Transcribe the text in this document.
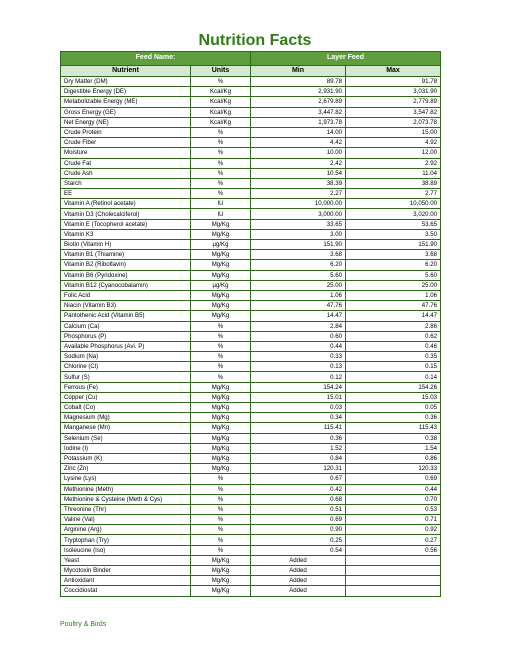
Nutrition Facts
Feed Name:		Layer Feed	
Nutrient	Units	Min	Max
Dry Matter (DM)	%	89.78	91.78
Digestible Energy (DE)	Kcal/Kg	2,931.90	3,031.90
Metabolizable Energy (ME)	Kcal/Kg	2,679.89	2,779.89
Gross Energy (GE)	Kcal/Kg	3,447.82	3,547.82
Net Energy (NE)	Kcal/Kg	1,973.78	2,073.78
Crude Protein	%	14.00	15.00
Crude Fiber	%	4.42	4.92
Moisture	%	10.00	12.00
Crude Fat	%	2.42	2.92
Crude Ash	%	10.54	11.04
Starch	%	38.39	38.89
EE	%	2.27	2.77
Vitamin A (Retinol acetate)	IU	10,000.00	10,050.00
Vitamin D3 (Cholecalciferol)	IU	3,000.00	3,020.00
Vitamin E (Tocopherol acetate)	Mg/Kg	33.65	53.65
Vitamin K3	Mg/Kg	3.00	3.50
Biotin (Vitamin H)	µg/Kg	151.90	151.90
Vitamin B1 (Thiamine)	Mg/Kg	3.68	3.68
Vitamin B2 (Riboflavin)	Mg/Kg	6.20	6.20
Vitamin B6 (Pyridoxine)	Mg/Kg	5.60	5.60
Vitamin B12 (Cyanocobalamin)	µg/Kg	25.00	25.00
Folic Acid	Mg/Kg	1.06	1.06
Niacin (Vitamin B3)	Mg/Kg	47.76	47.76
Pantothenic Acid (Vitamin B5)	Mg/Kg	14.47	14.47
Calcium (Ca)	%	2.84	2.86
Phosphorus (P)	%	0.60	0.62
Available Phosphorus (Avi. P)	%	0.44	0.46
Sodium (Na)	%	0.33	0.35
Chlorine (Cl)	%	0.13	0.15
Sulfur (S)	%	0.12	0.14
Ferrous (Fe)	Mg/Kg	154.24	154.26
Copper (Cu)	Mg/Kg	15.01	15.03
Cobalt (Co)	Mg/Kg	0.03	0.05
Magnesium (Mg)	Mg/Kg	0.34	0.36
Manganese (Mn)	Mg/Kg	115.41	115.43
Selenium (Se)	Mg/Kg	0.36	0.38
Iodine (I)	Mg/Kg	1.52	1.54
Potassium (K)	Mg/Kg	0.84	0.86
Zinc (Zn)	Mg/Kg	120.31	120.33
Lysine (Lys)	%	0.67	0.69
Methionine (Meth)	%	0.42	0.44
Methionine & Cysteine (Meth & Cys)	%	0.68	0.70
Threonine (Thr)	%	0.51	0.53
Valine (Val)	%	0.69	0.71
Arginine (Arg)	%	0.90	0.92
Tryptophan (Try)	%	0.25	0.27
Isoleucine (Iso)	%	0.54	0.56
Yeast	Mg/Kg	Added	
Mycotoxin Binder	Mg/Kg	Added	
Antioxidant	Mg/Kg	Added	
Coccidiostat	Mg/Kg	Added	
Poultry & Birds
